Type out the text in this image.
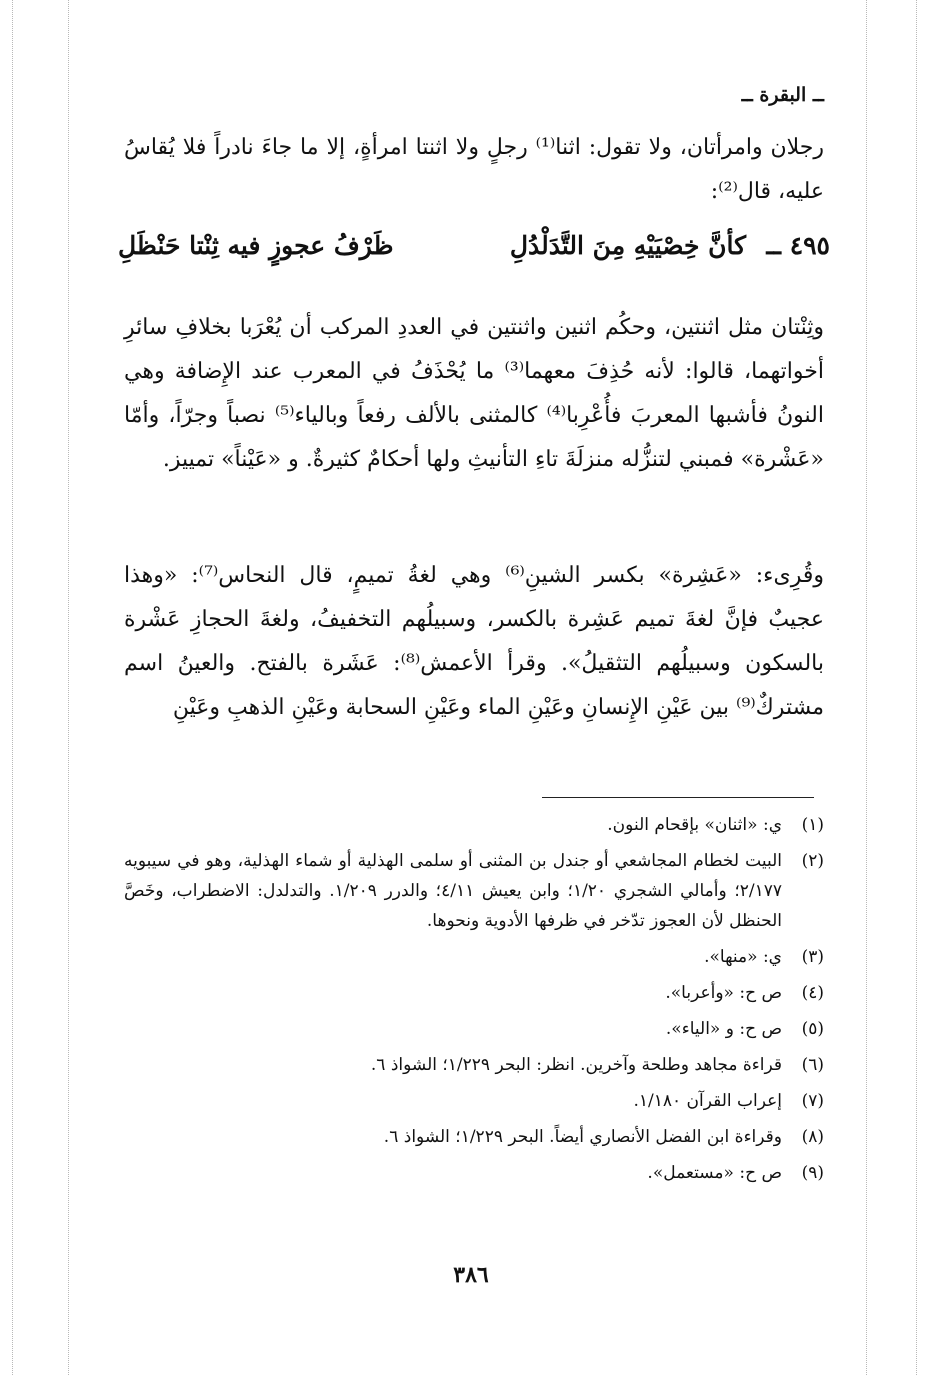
ــ البقرة ــ

رجلان وامرأتان، ولا تقول: اثنا⁽¹⁾ رجلٍ ولا اثنتا امرأةٍ، إلا ما جاءَ نادراً فلا يُقاسُ عليه، قال⁽²⁾:

٤٩٥ ــ
كأنَّ خِصْيَيْهِ مِنَ التَّدَلْدُلِ
ظَرْفُ عجوزٍ فيه ثِنْتا حَنْظَلِ

وثِنْتان مثل اثنتين، وحكُم اثنين واثنتين في العددِ المركب أن يُعْرَبا بخلافِ سائرِ أخواتهما، قالوا: لأنه حُذِفَ معهما⁽³⁾ ما يُحْذَفُ في المعرب عند الإِضافة وهي النونُ فأشبها المعربَ فأُعْرِبا⁽⁴⁾ كالمثنى بالألف رفعاً وبالياء⁽⁵⁾ نصباً وجرّاً، وأمّا «عَشْرة» فمبني لتنزُّله منزلَةَ تاءِ التأنيثِ ولها أحكامٌ كثيرةٌ. و «عَيْناً» تمييز.

وقُرِىء: «عَشِرة» بكسر الشينِ⁽⁶⁾ وهي لغةُ تميمٍ، قال النحاس⁽⁷⁾: «وهذا عجيبٌ فإنَّ لغةَ تميم عَشِرة بالكسر، وسبيلُهم التخفيفُ، ولغةَ الحجازِ عَشْرة بالسكون وسبيلُهم التثقيلُ». وقرأ الأعمش⁽⁸⁾: عَشَرة بالفتح. والعينُ اسم مشتركٌ⁽⁹⁾ بين عَيْنِ الإِنسانِ وعَيْنِ الماء وعَيْنِ السحابة وعَيْنِ الذهبِ وعَيْنِ

(١)
ي: «اثنان» بإقحام النون.
(٢)
البيت لخطام المجاشعي أو جندل بن المثنى أو سلمى الهذلية أو شماء الهذلية، وهو في سيبويه ٢/١٧٧؛ وأمالي الشجري ١/٢٠؛ وابن يعيش ٤/١١؛ والدرر ١/٢٠٩. والتدلدل: الاضطراب، وخَصَّ الحنظل لأن العجوز تدّخر في ظرفها الأدوية ونحوها.
(٣)
ي: «منها».
(٤)
ص ح: «وأعربا».
(٥)
ص ح: و «الياء».
(٦)
قراءة مجاهد وطلحة وآخرين. انظر: البحر ١/٢٢٩؛ الشواذ ٦.
(٧)
إعراب القرآن ١/١٨٠.
(٨)
وقراءة ابن الفضل الأنصاري أيضاً. البحر ١/٢٢٩؛ الشواذ ٦.
(٩)
ص ح: «مستعمل».
٣٨٦
